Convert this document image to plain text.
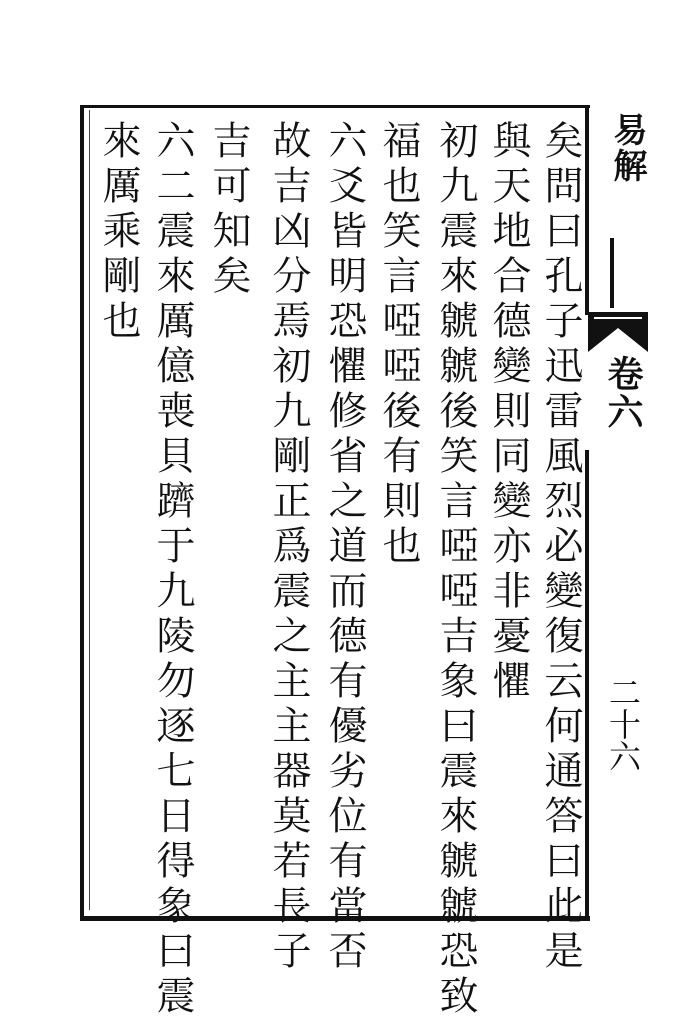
易解
卷六
二十六
矣問曰孔子迅雷風烈必變復云何通答曰此是
與天地合德變則同變亦非憂懼
初九震來虩虩後笑言啞啞吉象曰震來虩虩恐致
福也笑言啞啞後有則也
六爻皆明恐懼修省之道而德有優劣位有當否
故吉凶分焉初九剛正爲震之主主器莫若長子
吉可知矣
六二震來厲億喪貝躋于九陵勿逐七日得象曰震
來厲乘剛也
